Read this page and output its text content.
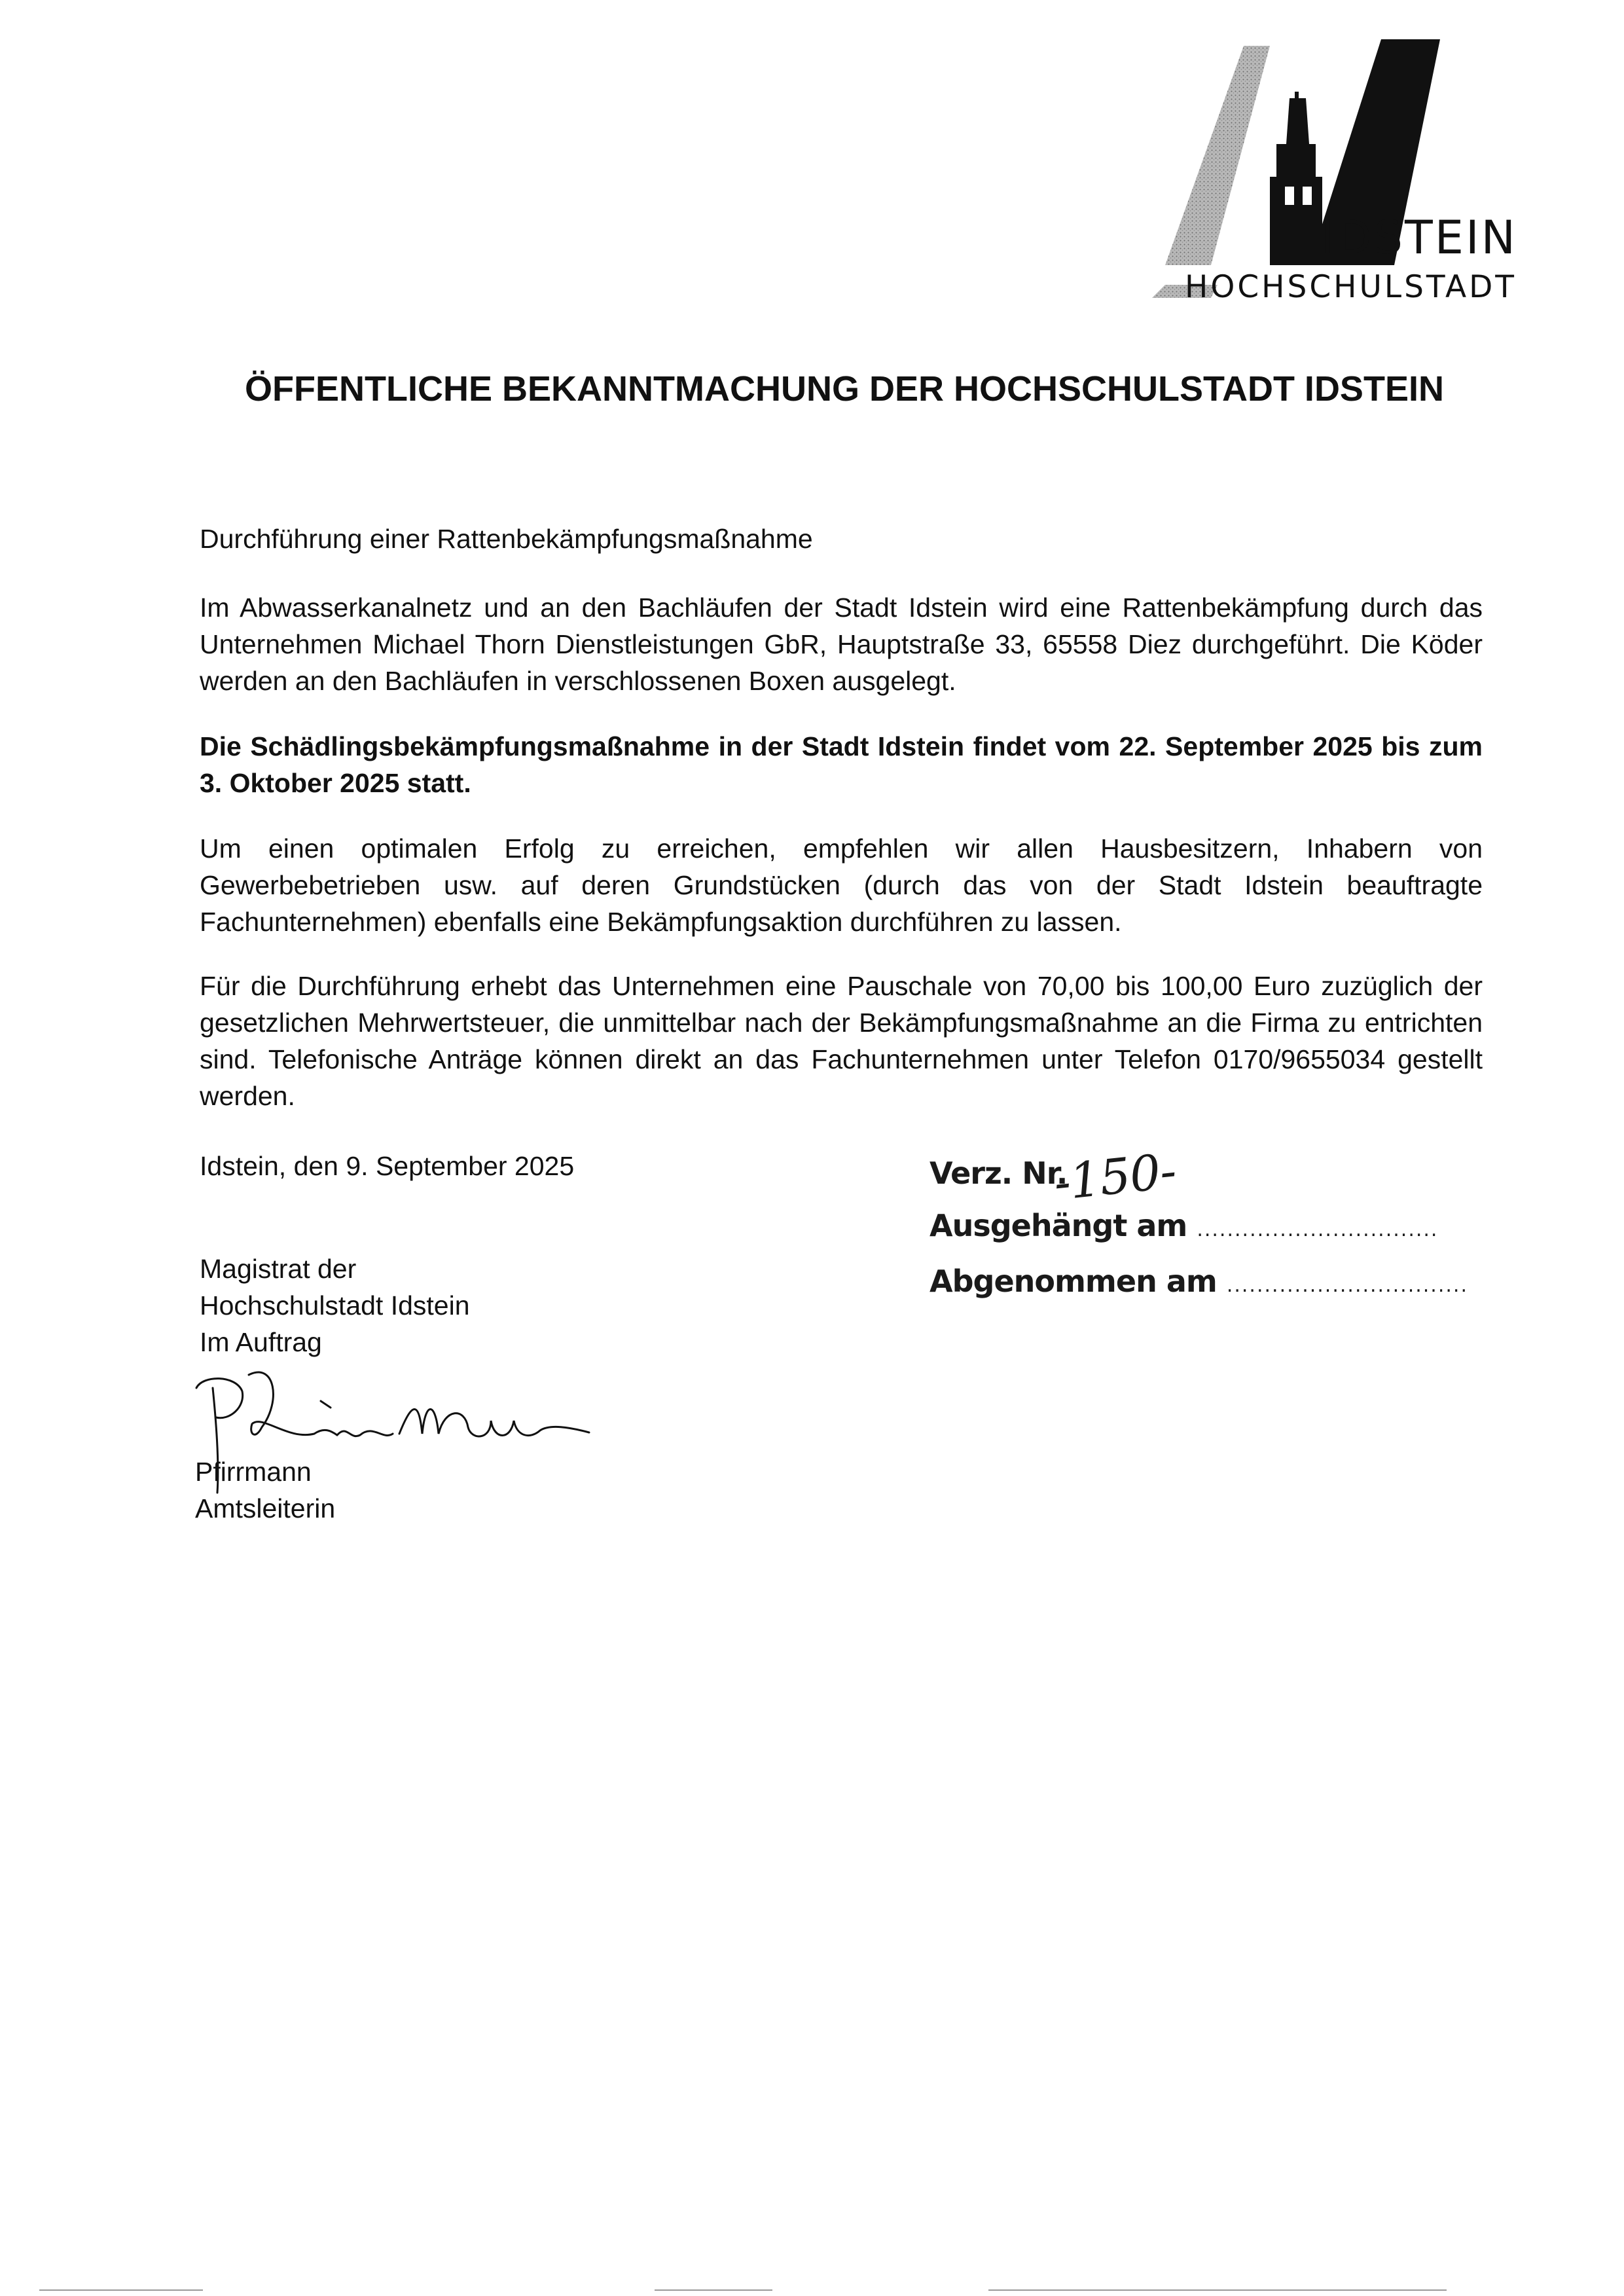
IDSTEIN
HOCHSCHULSTADT
ÖFFENTLICHE BEKANNTMACHUNG DER HOCHSCHULSTADT IDSTEIN

Durchführung einer Rattenbekämpfungsmaßnahme

Im Abwasserkanalnetz und an den Bachläufen der Stadt Idstein wird eine Rattenbekämpfung durch das Unternehmen Michael Thorn Dienstleistungen GbR, Hauptstraße 33, 65558 Diez durchgeführt. Die Köder werden an den Bachläufen in verschlossenen Boxen ausgelegt.

Die Schädlingsbekämpfungsmaßnahme in der Stadt Idstein findet vom 22. September 2025 bis zum 3. Oktober 2025 statt.

Um einen optimalen Erfolg zu erreichen, empfehlen wir allen Hausbesitzern, Inhabern von Gewerbebetrieben usw. auf deren Grundstücken (durch das von der Stadt Idstein beauftragte Fachunternehmen) ebenfalls eine Bekämpfungsaktion durchführen zu lassen.

Für die Durchführung erhebt das Unternehmen eine Pauschale von 70,00 bis 100,00 Euro zuzüglich der gesetzlichen Mehrwertsteuer, die unmittelbar nach der Bekämpfungsmaßnahme an die Firma zu entrichten sind. Telefonische Anträge können direkt an das Fachunternehmen unter Telefon 0170/9655034 gestellt werden.

Idstein, den 9. September 2025
Magistrat der
Hochschulstadt Idstein
Im Auftrag
Pfirrmann
Amtsleiterin
Verz. Nr.
-150-
Ausgehängt am ................................
Abgenommen am ................................
